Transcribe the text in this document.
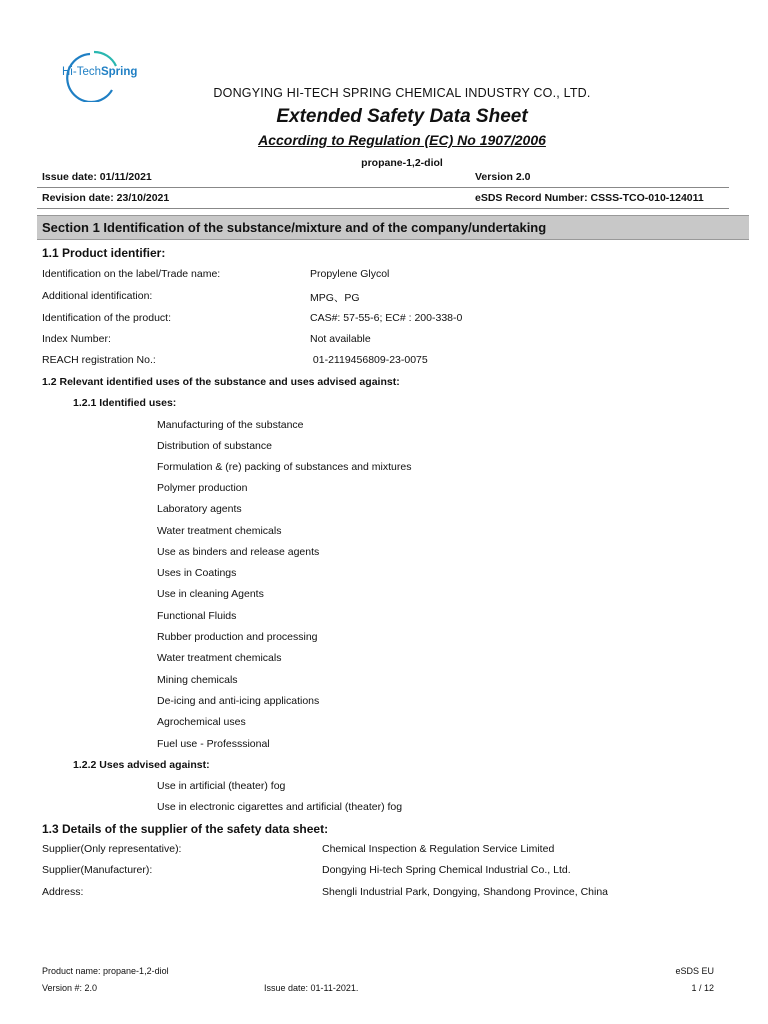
Hi-TechSpring
DONGYING HI-TECH SPRING CHEMICAL INDUSTRY CO., LTD.
Extended Safety Data Sheet
According to Regulation (EC) No 1907/2006
propane-1,2-diol
Issue date: 01/11/2021	Version 2.0
Revision date: 23/10/2021	eSDS Record Number: CSSS-TCO-010-124011
Section 1 Identification of the substance/mixture and of the company/undertaking
1.1 Product identifier:
Identification on the label/Trade name:	Propylene Glycol
Additional identification:	MPG、PG
Identification of the product:	CAS#: 57-55-6; EC# : 200-338-0
Index Number:	Not available
REACH registration No.:	01-2119456809-23-0075
1.2 Relevant identified uses of the substance and uses advised against:
1.2.1 Identified uses:
Manufacturing of the substance
Distribution of substance
Formulation & (re) packing of substances and mixtures
Polymer production
Laboratory agents
Water treatment chemicals
Use as binders and release agents
Uses in Coatings
Use in cleaning Agents
Functional Fluids
Rubber production and processing
Water treatment chemicals
Mining chemicals
De-icing and anti-icing applications
Agrochemical uses
Fuel use - Professsional
1.2.2 Uses advised against:
Use in artificial (theater) fog
Use in electronic cigarettes and artificial (theater) fog
1.3 Details of the supplier of the safety data sheet:
Supplier(Only representative):	Chemical Inspection & Regulation Service Limited
Supplier(Manufacturer):	Dongying Hi-tech Spring Chemical Industrial Co., Ltd.
Address:	Shengli Industrial Park, Dongying, Shandong Province, China
Product name: propane-1,2-diol
Version #: 2.0	Issue date: 01-11-2021.
eSDS EU
1 / 12
